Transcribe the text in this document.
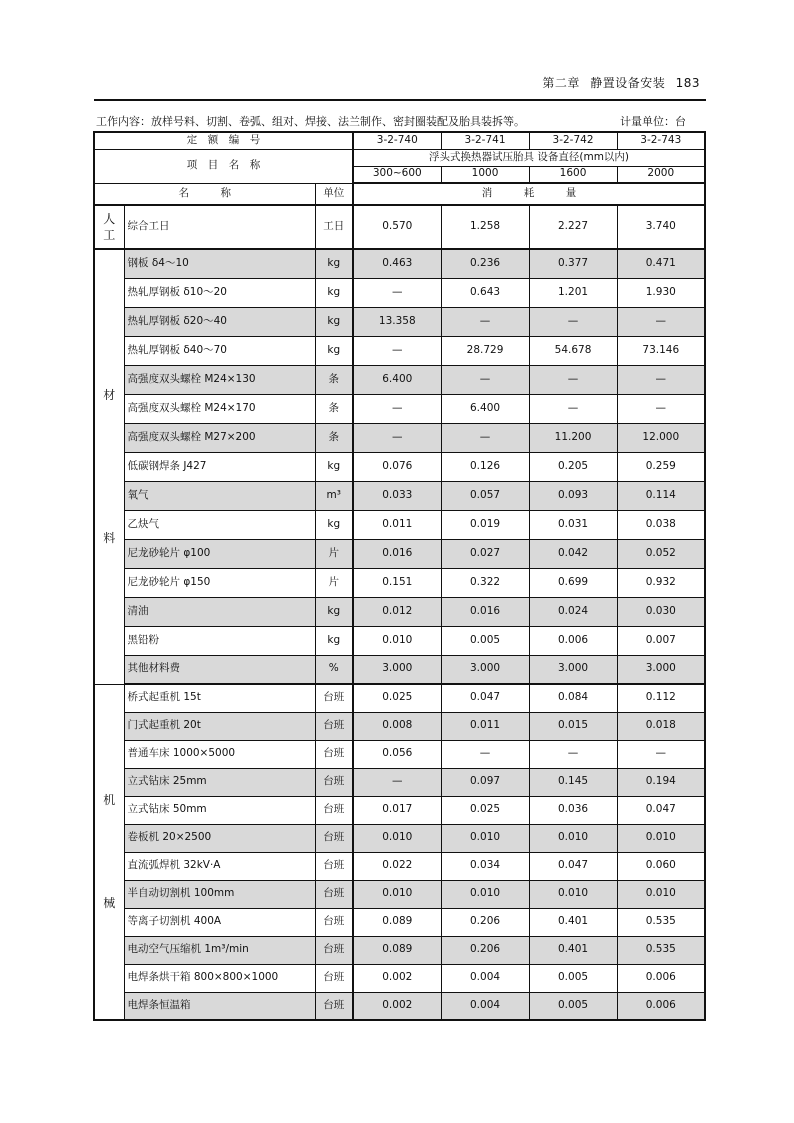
第二章 静置设备安装 183
工作内容：放样号料、切割、卷弧、组对、焊接、法兰制作、密封圈装配及胎具装拆等。	计量单位：台
定　额　编　号			3-2-740	3-2-741	3-2-742	3-2-743
项　目　名　称			浮头式换热器试压胎具 设备直径(mm以内)			
			300~600	1000	1600	2000
名　　　称		单位	消　　　耗　　　量			

人工	综合工日	工日	0.570	1.258	2.227	3.740

材
料	钢板 δ4～10	kg	0.463	0.236	0.377	0.471
	热轧厚钢板 δ10～20	kg	—	0.643	1.201	1.930
	热轧厚钢板 δ20～40	kg	13.358	—	—	—
	热轧厚钢板 δ40～70	kg	—	28.729	54.678	73.146
	高强度双头螺栓 M24×130	条	6.400	—	—	—
	高强度双头螺栓 M24×170	条	—	6.400	—	—
	高强度双头螺栓 M27×200	条	—	—	11.200	12.000
	低碳钢焊条 J427	kg	0.076	0.126	0.205	0.259
	氧气	m³	0.033	0.057	0.093	0.114
	乙炔气	kg	0.011	0.019	0.031	0.038
	尼龙砂轮片 φ100	片	0.016	0.027	0.042	0.052
	尼龙砂轮片 φ150	片	0.151	0.322	0.699	0.932
	清油	kg	0.012	0.016	0.024	0.030
	黑铅粉	kg	0.010	0.005	0.006	0.007
	其他材料费	%	3.000	3.000	3.000	3.000

机
械	桥式起重机 15t	台班	0.025	0.047	0.084	0.112
	门式起重机 20t	台班	0.008	0.011	0.015	0.018
	普通车床 1000×5000	台班	0.056	—	—	—
	立式钻床 25mm	台班	—	0.097	0.145	0.194
	立式钻床 50mm	台班	0.017	0.025	0.036	0.047
	卷板机 20×2500	台班	0.010	0.010	0.010	0.010
	直流弧焊机 32kV·A	台班	0.022	0.034	0.047	0.060
	半自动切割机 100mm	台班	0.010	0.010	0.010	0.010
	等离子切割机 400A	台班	0.089	0.206	0.401	0.535
	电动空气压缩机 1m³/min	台班	0.089	0.206	0.401	0.535
	电焊条烘干箱 800×800×1000	台班	0.002	0.004	0.005	0.006
	电焊条恒温箱	台班	0.002	0.004	0.005	0.006
